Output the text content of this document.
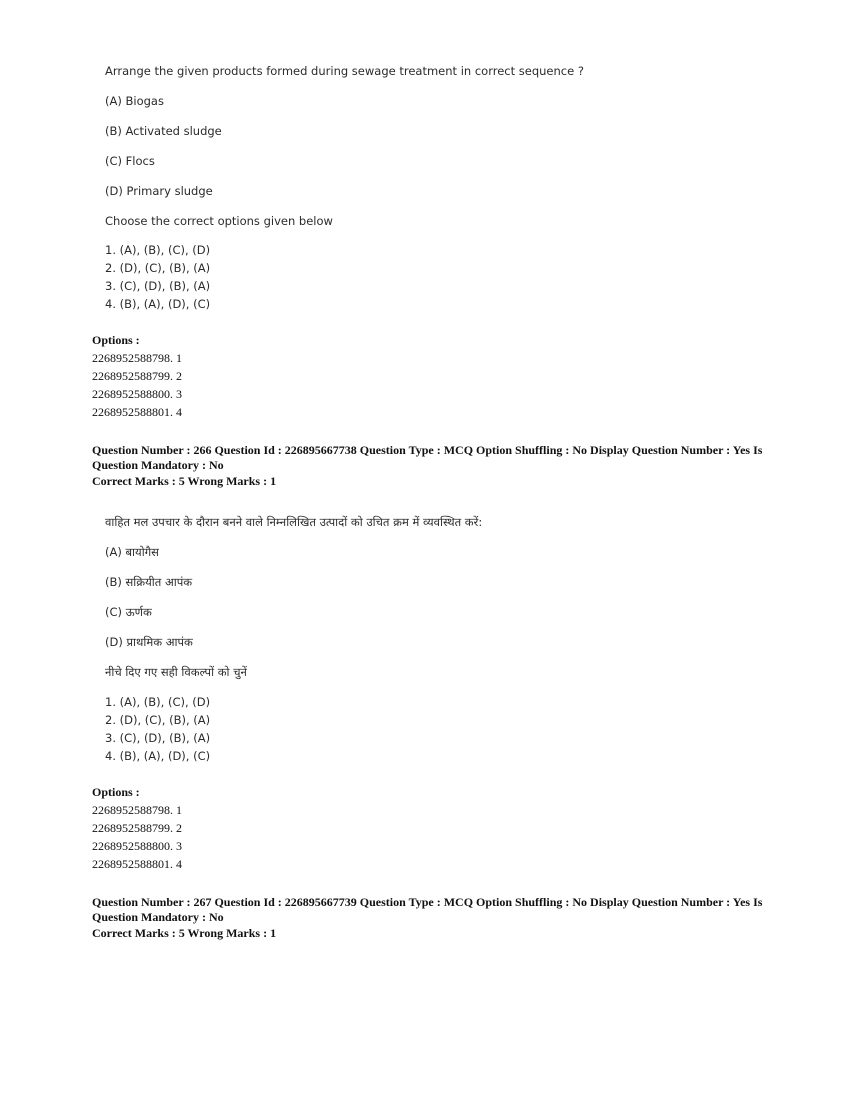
Arrange the given products formed during sewage treatment in correct sequence ?
(A) Biogas
(B) Activated sludge
(C) Flocs
(D) Primary sludge
Choose the correct options given below
1. (A), (B), (C), (D)
2. (D), (C), (B), (A)
3. (C), (D), (B), (A)
4. (B), (A), (D), (C)
Options :
2268952588798. 1
2268952588799. 2
2268952588800. 3
2268952588801. 4
Question Number : 266 Question Id : 226895667738 Question Type : MCQ Option Shuffling : No Display Question Number : Yes Is
Question Mandatory : No
Correct Marks : 5 Wrong Marks : 1
वाहित मल उपचार के दौरान बनने वाले निम्नलिखित उत्पादों को उचित क्रम में व्यवस्थित करें:
(A) बायोगैस
(B) सक्रियीत आपंक
(C) ऊर्णक
(D) प्राथमिक आपंक
नीचे दिए गए सही विकल्पों को चुनें
1. (A), (B), (C), (D)
2. (D), (C), (B), (A)
3. (C), (D), (B), (A)
4. (B), (A), (D), (C)
Options :
2268952588798. 1
2268952588799. 2
2268952588800. 3
2268952588801. 4
Question Number : 267 Question Id : 226895667739 Question Type : MCQ Option Shuffling : No Display Question Number : Yes Is
Question Mandatory : No
Correct Marks : 5 Wrong Marks : 1
